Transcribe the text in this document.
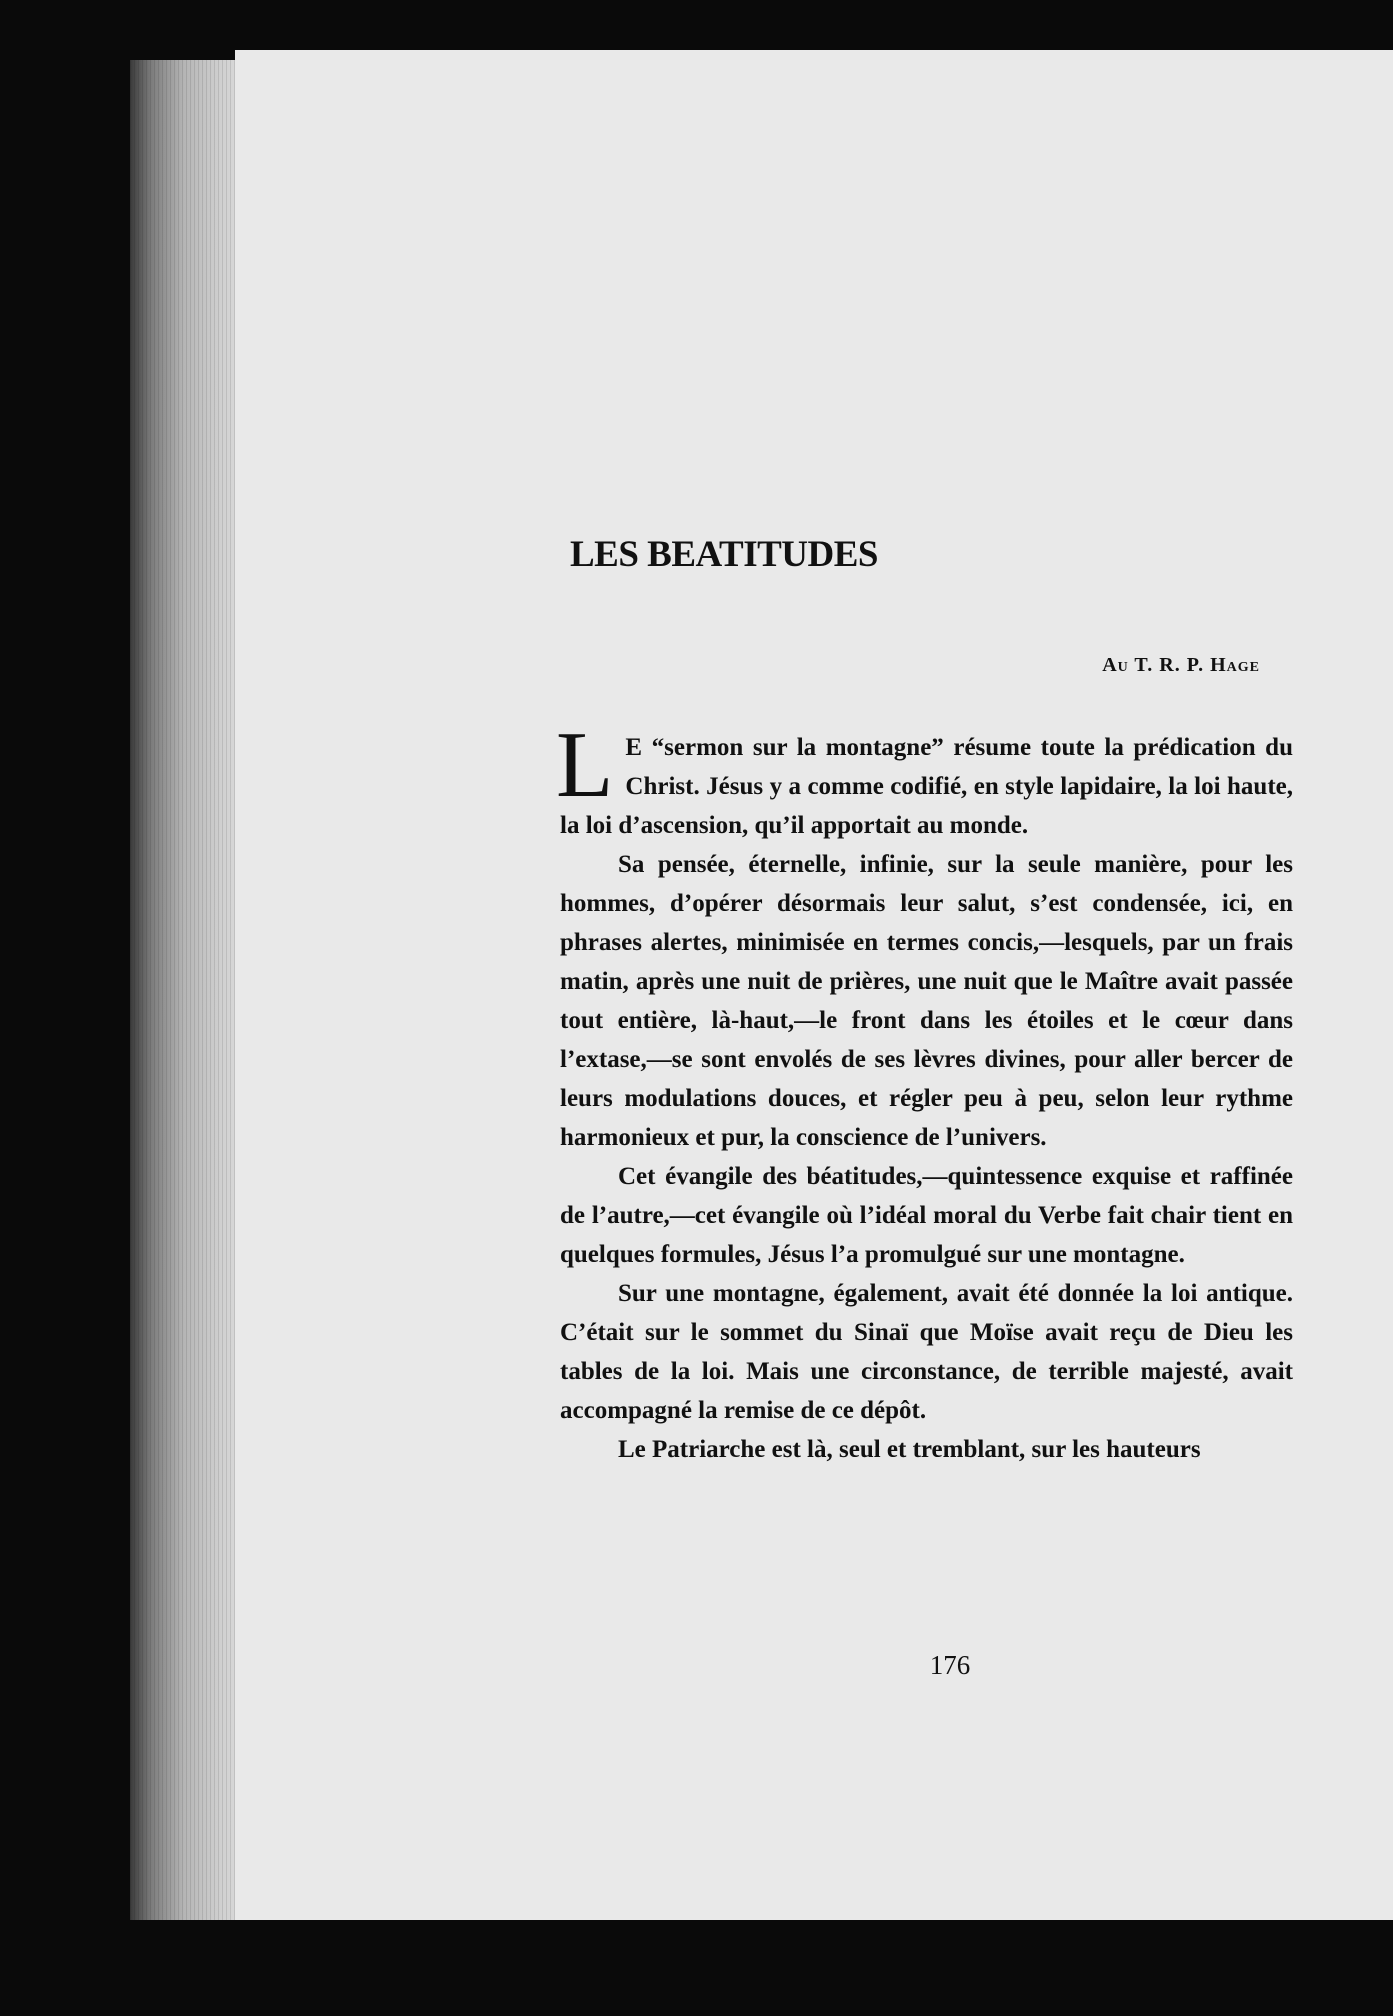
LES BEATITUDES
Au T. R. P. Hage

L E “sermon sur la montagne” résume toute la prédication du Christ. Jésus y a comme codifié, en style lapidaire, la loi haute, la loi d’ascension, qu’il apportait au monde.

Sa pensée, éternelle, infinie, sur la seule manière, pour les hommes, d’opérer désormais leur salut, s’est condensée, ici, en phrases alertes, minimisée en termes concis,—lesquels, par un frais matin, après une nuit de prières, une nuit que le Maître avait passée tout entière, là-haut,—le front dans les étoiles et le cœur dans l’extase,—se sont envolés de ses lèvres divines, pour aller bercer de leurs modulations douces, et régler peu à peu, selon leur rythme harmonieux et pur, la conscience de l’univers.

Cet évangile des béatitudes,—quintessence exquise et raffinée de l’autre,—cet évangile où l’idéal moral du Verbe fait chair tient en quelques formules, Jésus l’a promulgué sur une montagne.

Sur une montagne, également, avait été donnée la loi antique. C’était sur le sommet du Sinaï que Moïse avait reçu de Dieu les tables de la loi. Mais une circonstance, de terrible majesté, avait accompagné la remise de ce dépôt.

Le Patriarche est là, seul et tremblant, sur les hauteurs

176
